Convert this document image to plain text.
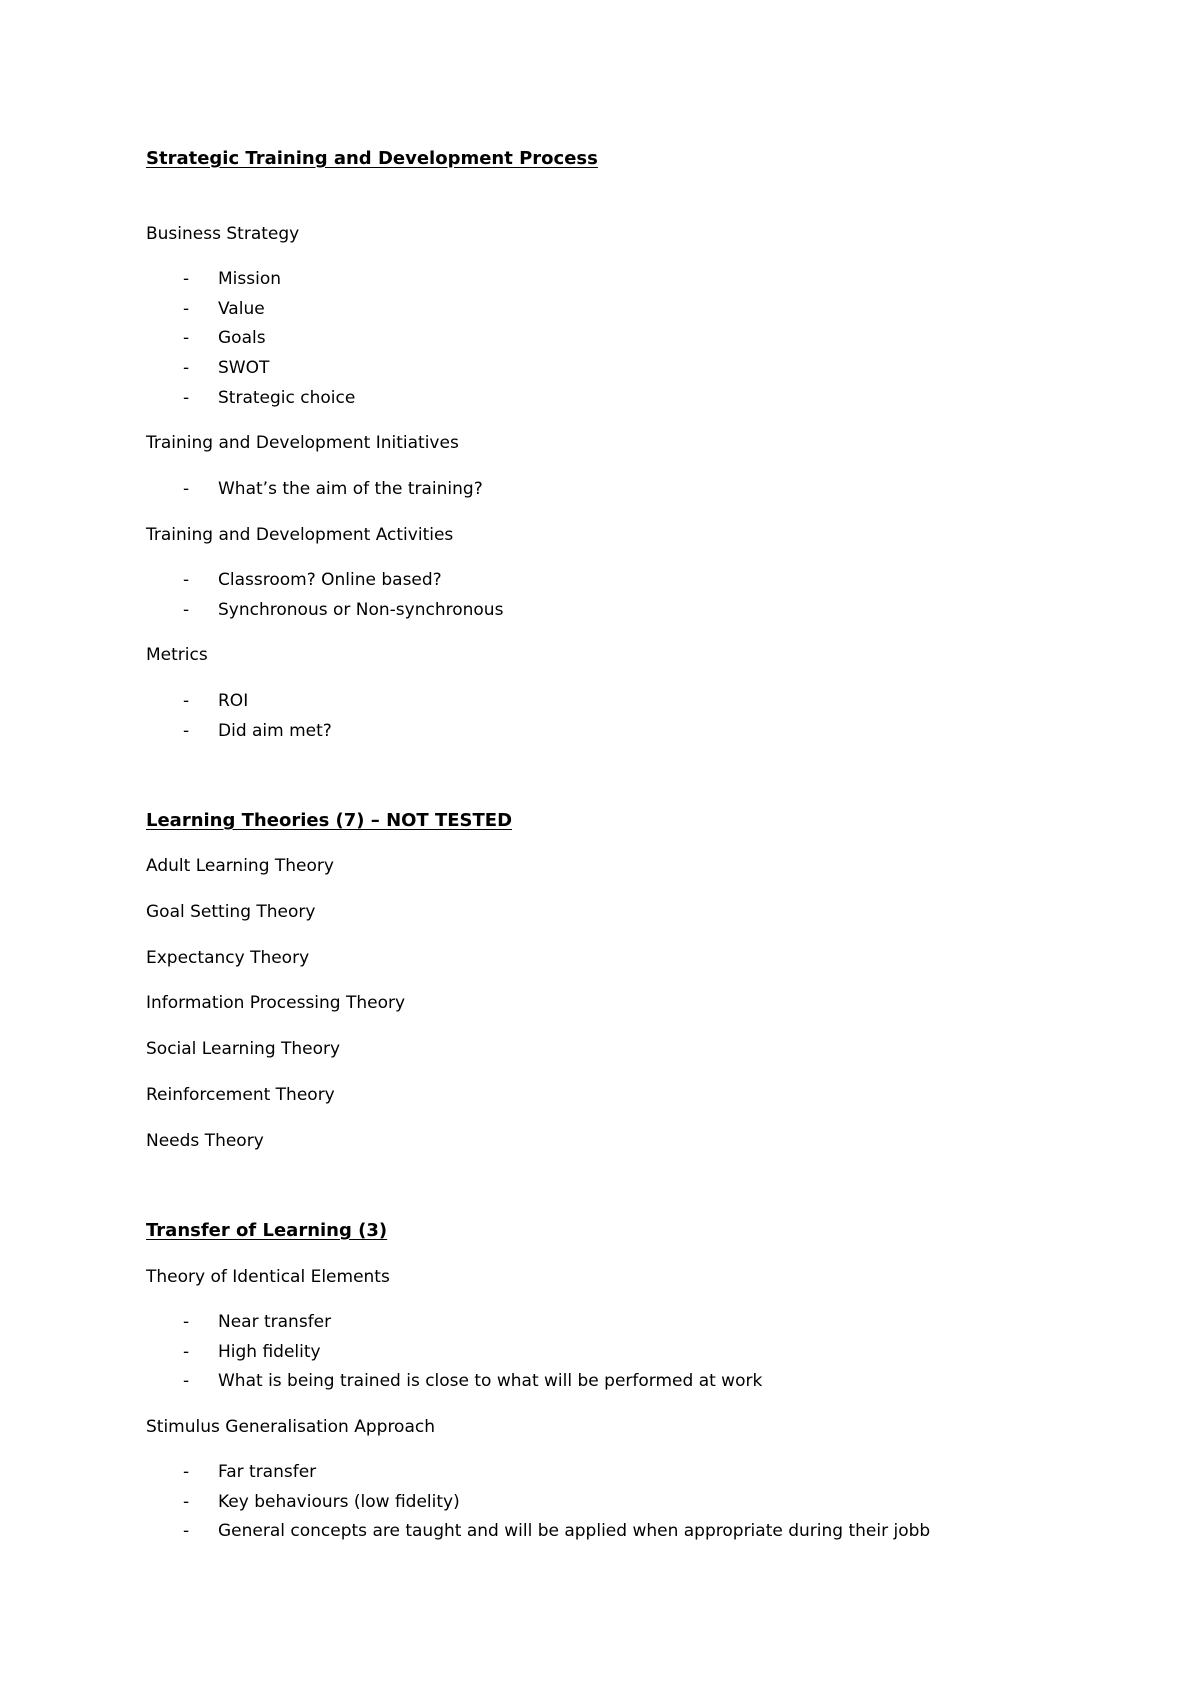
Strategic Training and Development Process
Business Strategy
- Mission
- Value
- Goals
- SWOT
- Strategic choice
Training and Development Initiatives
- What’s the aim of the training?
Training and Development Activities
- Classroom? Online based?
- Synchronous or Non-synchronous
Metrics
- ROI
- Did aim met?
Learning Theories (7) – NOT TESTED
Adult Learning Theory
Goal Setting Theory
Expectancy Theory
Information Processing Theory
Social Learning Theory
Reinforcement Theory
Needs Theory
Transfer of Learning (3)
Theory of Identical Elements
- Near transfer
- High fidelity
- What is being trained is close to what will be performed at work
Stimulus Generalisation Approach
- Far transfer
- Key behaviours (low fidelity)
- General concepts are taught and will be applied when appropriate during their jobb
